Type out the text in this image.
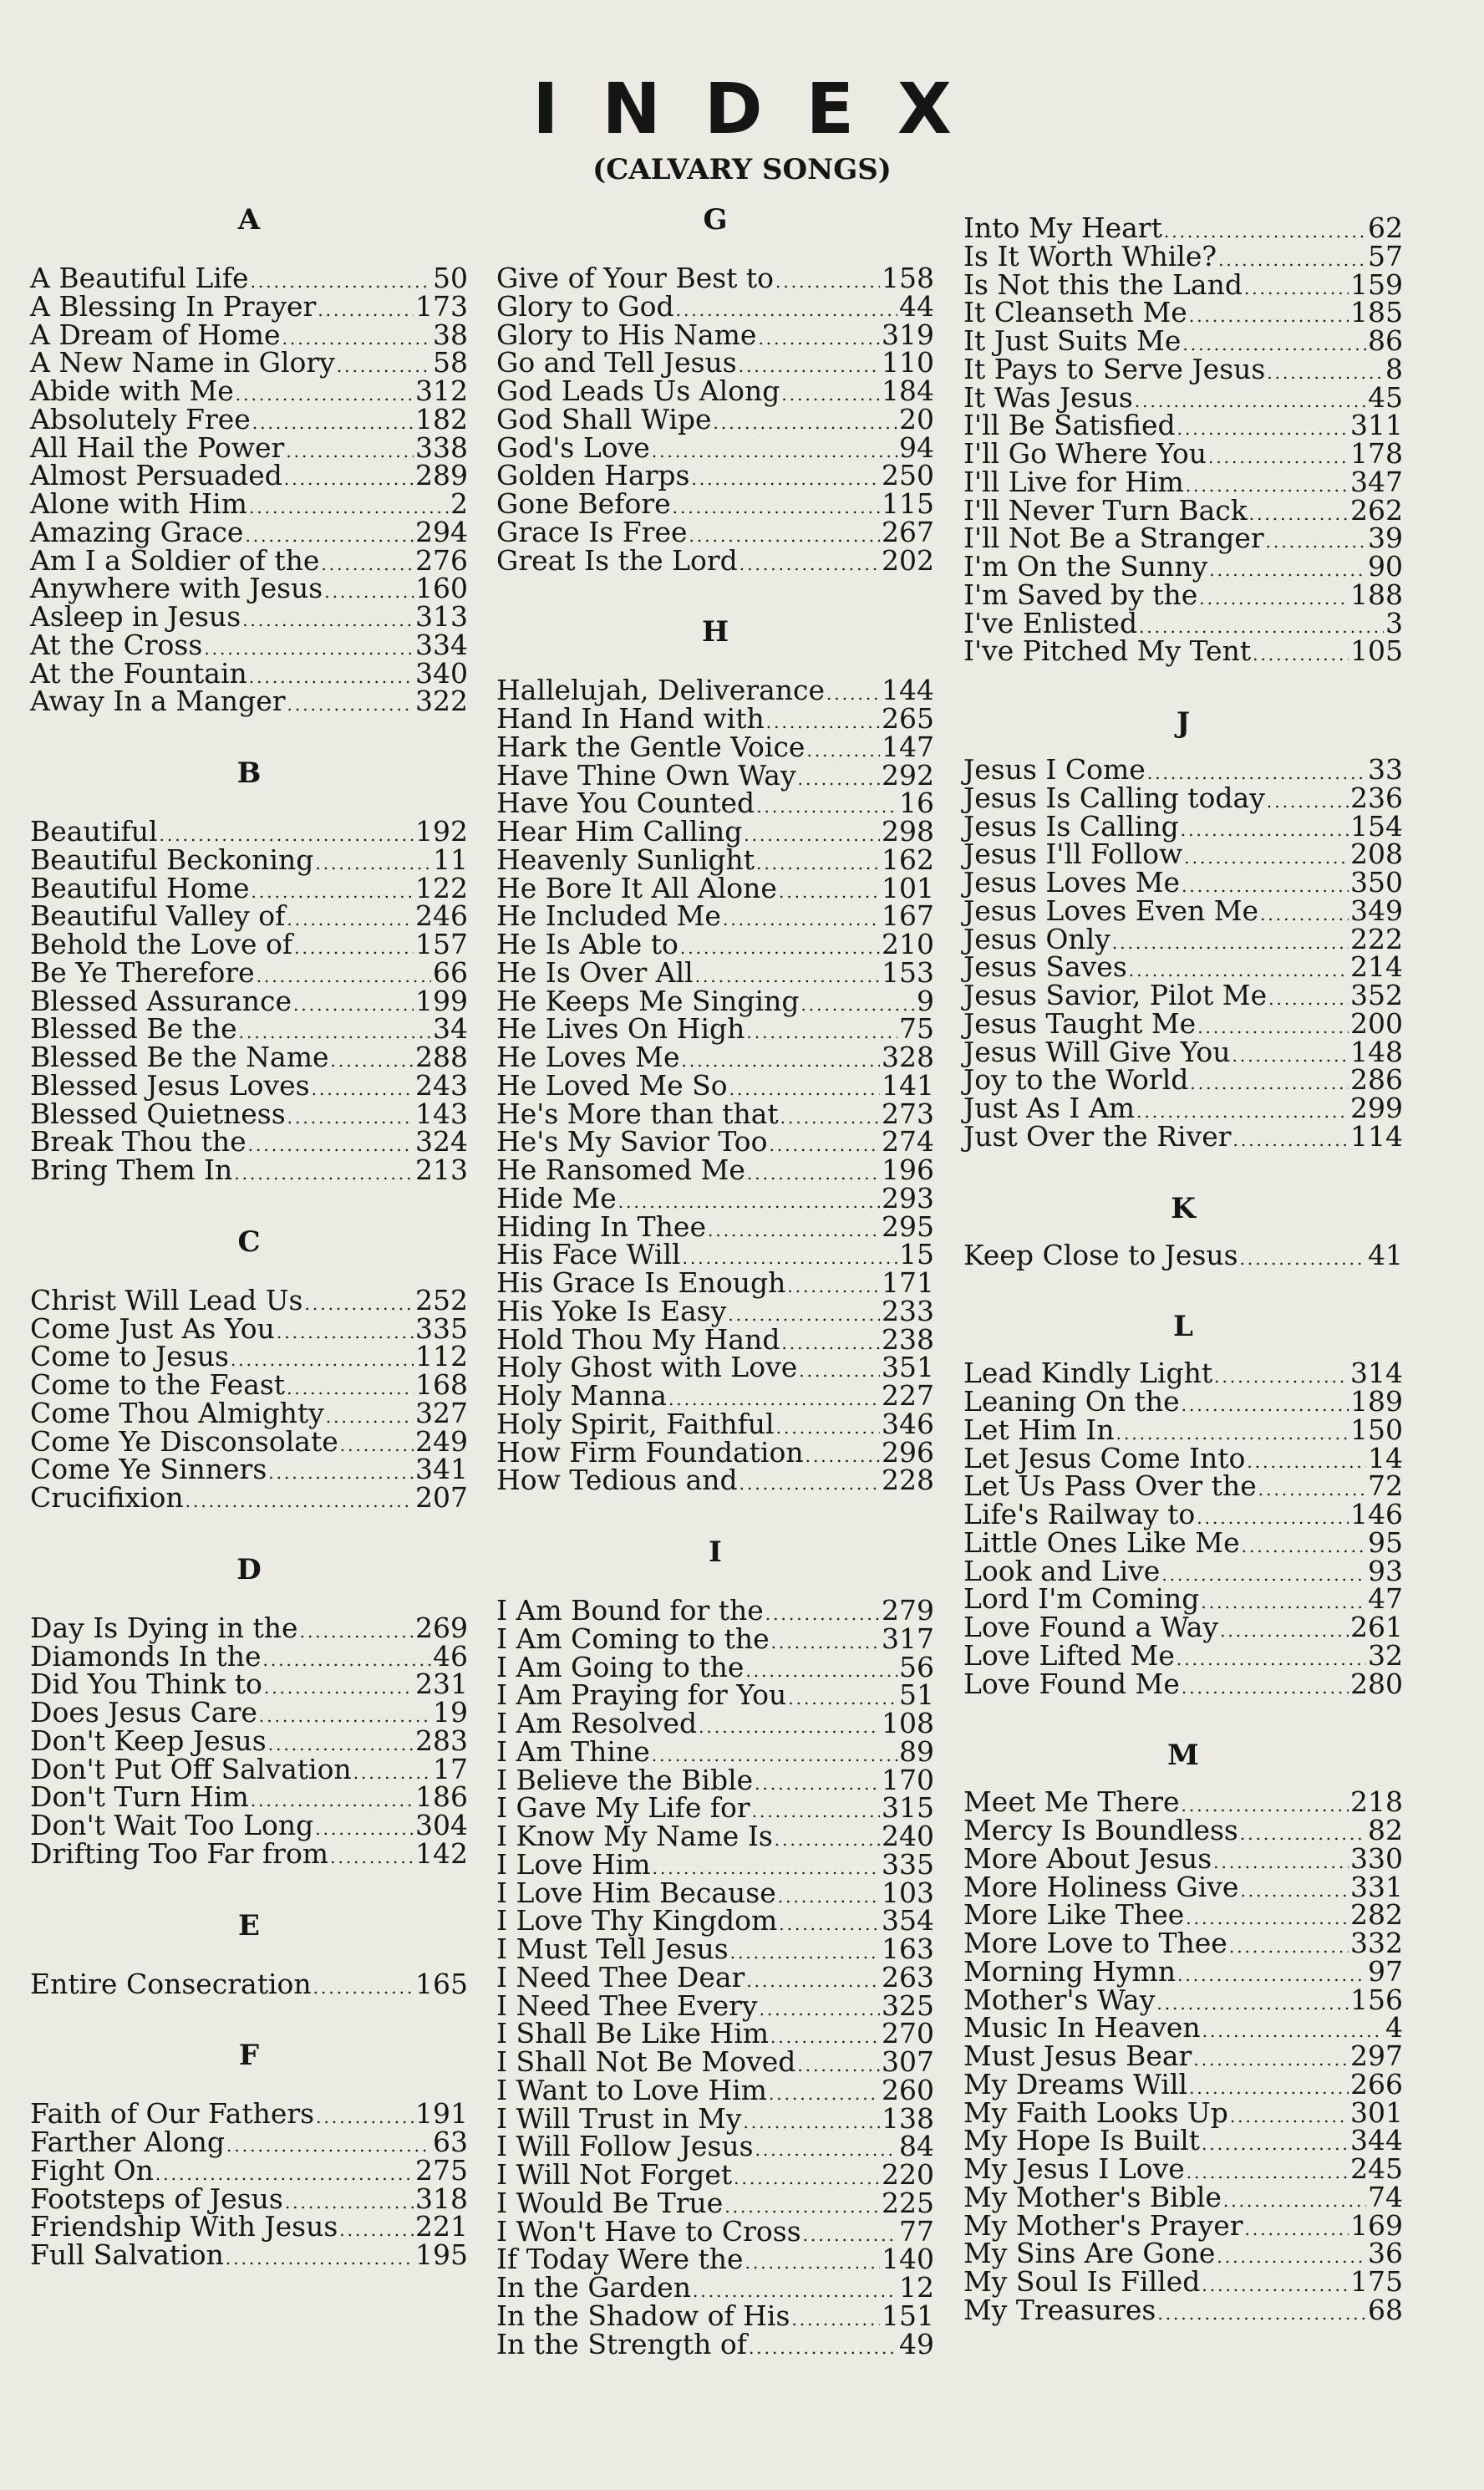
INDEX
(CALVARY SONGS)
A
A Beautiful Life .....	50
A Blessing In Prayer .....	173
A Dream of Home .....	38
A New Name in Glory .....	58
Abide with Me .....	312
Absolutely Free .....	182
All Hail the Power .....	338
Almost Persuaded .....	289
Alone with Him .....	2
Amazing Grace .....	294
Am I a Soldier of the .....	276
Anywhere with Jesus .....	160
Asleep in Jesus .....	313
At the Cross .....	334
At the Fountain .....	340
Away In a Manger .....	322
B
Beautiful .....	192
Beautiful Beckoning .....	11
Beautiful Home .....	122
Beautiful Valley of .....	246
Behold the Love of .....	157
Be Ye Therefore .....	66
Blessed Assurance .....	199
Blessed Be the .....	34
Blessed Be the Name .....	288
Blessed Jesus Loves .....	243
Blessed Quietness .....	143
Break Thou the .....	324
Bring Them In .....	213
C
Christ Will Lead Us .....	252
Come Just As You .....	335
Come to Jesus .....	112
Come to the Feast .....	168
Come Thou Almighty .....	327
Come Ye Disconsolate .....	249
Come Ye Sinners .....	341
Crucifixion .....	207
D
Day Is Dying in the .....	269
Diamonds In the .....	46
Did You Think to .....	231
Does Jesus Care .....	19
Don't Keep Jesus .....	283
Don't Put Off Salvation .....	17
Don't Turn Him .....	186
Don't Wait Too Long .....	304
Drifting Too Far from .....	142
E
Entire Consecration .....	165
F
Faith of Our Fathers .....	191
Farther Along .....	63
Fight On .....	275
Footsteps of Jesus .....	318
Friendship With Jesus .....	221
Full Salvation .....	195
G
Give of Your Best to .....	158
Glory to God .....	44
Glory to His Name .....	319
Go and Tell Jesus .....	110
God Leads Us Along .....	184
God Shall Wipe .....	20
God's Love .....	94
Golden Harps .....	250
Gone Before .....	115
Grace Is Free .....	267
Great Is the Lord .....	202
H
Hallelujah, Deliverance ..... 144
Hand In Hand with .....	265
Hark the Gentle Voice .....	147
Have Thine Own Way .....	292
Have You Counted .....	16
Hear Him Calling .....	298
Heavenly Sunlight .....	162
He Bore It All Alone .....	101
He Included Me .....	167
He Is Able to .....	210
He Is Over All .....	153
He Keeps Me Singing .....	9
He Lives On High .....	75
He Loves Me .....	328
He Loved Me So .....	141
He's More than that .....	273
He's My Savior Too .....	274
He Ransomed Me .....	196
Hide Me .....	293
Hiding In Thee .....	295
His Face Will .....	15
His Grace Is Enough .....	171
His Yoke Is Easy .....	233
Hold Thou My Hand .....	238
Holy Ghost with Love .....	351
Holy Manna .....	227
Holy Spirit, Faithful .....	346
How Firm Foundation .....	296
How Tedious and .....	228
I
I Am Bound for the .....	279
I Am Coming to the .....	317
I Am Going to the .....	56
I Am Praying for You .....	51
I Am Resolved .....	108
I Am Thine .....	89
I Believe the Bible .....	170
I Gave My Life for .....	315
I Know My Name Is .....	240
I Love Him .....	335
I Love Him Because .....	103
I Love Thy Kingdom .....	354
I Must Tell Jesus .....	163
I Need Thee Dear .....	263
I Need Thee Every .....	325
I Shall Be Like Him .....	270
I Shall Not Be Moved .....	307
I Want to Love Him .....	260
I Will Trust in My .....	138
I Will Follow Jesus .....	84
I Will Not Forget .....	220
I Would Be True .....	225
I Won't Have to Cross .....	77
If Today Were the .....	140
In the Garden .....	12
In the Shadow of His .....	151
In the Strength of .....	49
Into My Heart .....	62
Is It Worth While? .....	57
Is Not this the Land .....	159
It Cleanseth Me .....	185
It Just Suits Me .....	86
It Pays to Serve Jesus .....	8
It Was Jesus .....	45
I'll Be Satisfied .....	311
I'll Go Where You .....	178
I'll Live for Him .....	347
I'll Never Turn Back .....	262
I'll Not Be a Stranger .....	39
I'm On the Sunny .....	90
I'm Saved by the .....	188
I've Enlisted .....	3
I've Pitched My Tent .....	105
J
Jesus I Come .....	33
Jesus Is Calling today .....	236
Jesus Is Calling .....	154
Jesus I'll Follow .....	208
Jesus Loves Me .....	350
Jesus Loves Even Me .....	349
Jesus Only .....	222
Jesus Saves .....	214
Jesus Savior, Pilot Me .....	352
Jesus Taught Me .....	200
Jesus Will Give You .....	148
Joy to the World .....	286
Just As I Am .....	299
Just Over the River .....	114
K
Keep Close to Jesus .....	41
L
Lead Kindly Light .....	314
Leaning On the .....	189
Let Him In .....	150
Let Jesus Come Into .....	14
Let Us Pass Over the .....	72
Life's Railway to .....	146
Little Ones Like Me .....	95
Look and Live .....	93
Lord I'm Coming .....	47
Love Found a Way .....	261
Love Lifted Me .....	32
Love Found Me .....	280
M
Meet Me There .....	218
Mercy Is Boundless .....	82
More About Jesus .....	330
More Holiness Give .....	331
More Like Thee .....	282
More Love to Thee .....	332
Morning Hymn .....	97
Mother's Way .....	156
Music In Heaven .....	4
Must Jesus Bear .....	297
My Dreams Will .....	266
My Faith Looks Up .....	301
My Hope Is Built .....	344
My Jesus I Love .....	245
My Mother's Bible .....	74
My Mother's Prayer .....	169
My Sins Are Gone .....	36
My Soul Is Filled .....	175
My Treasures .....	68
